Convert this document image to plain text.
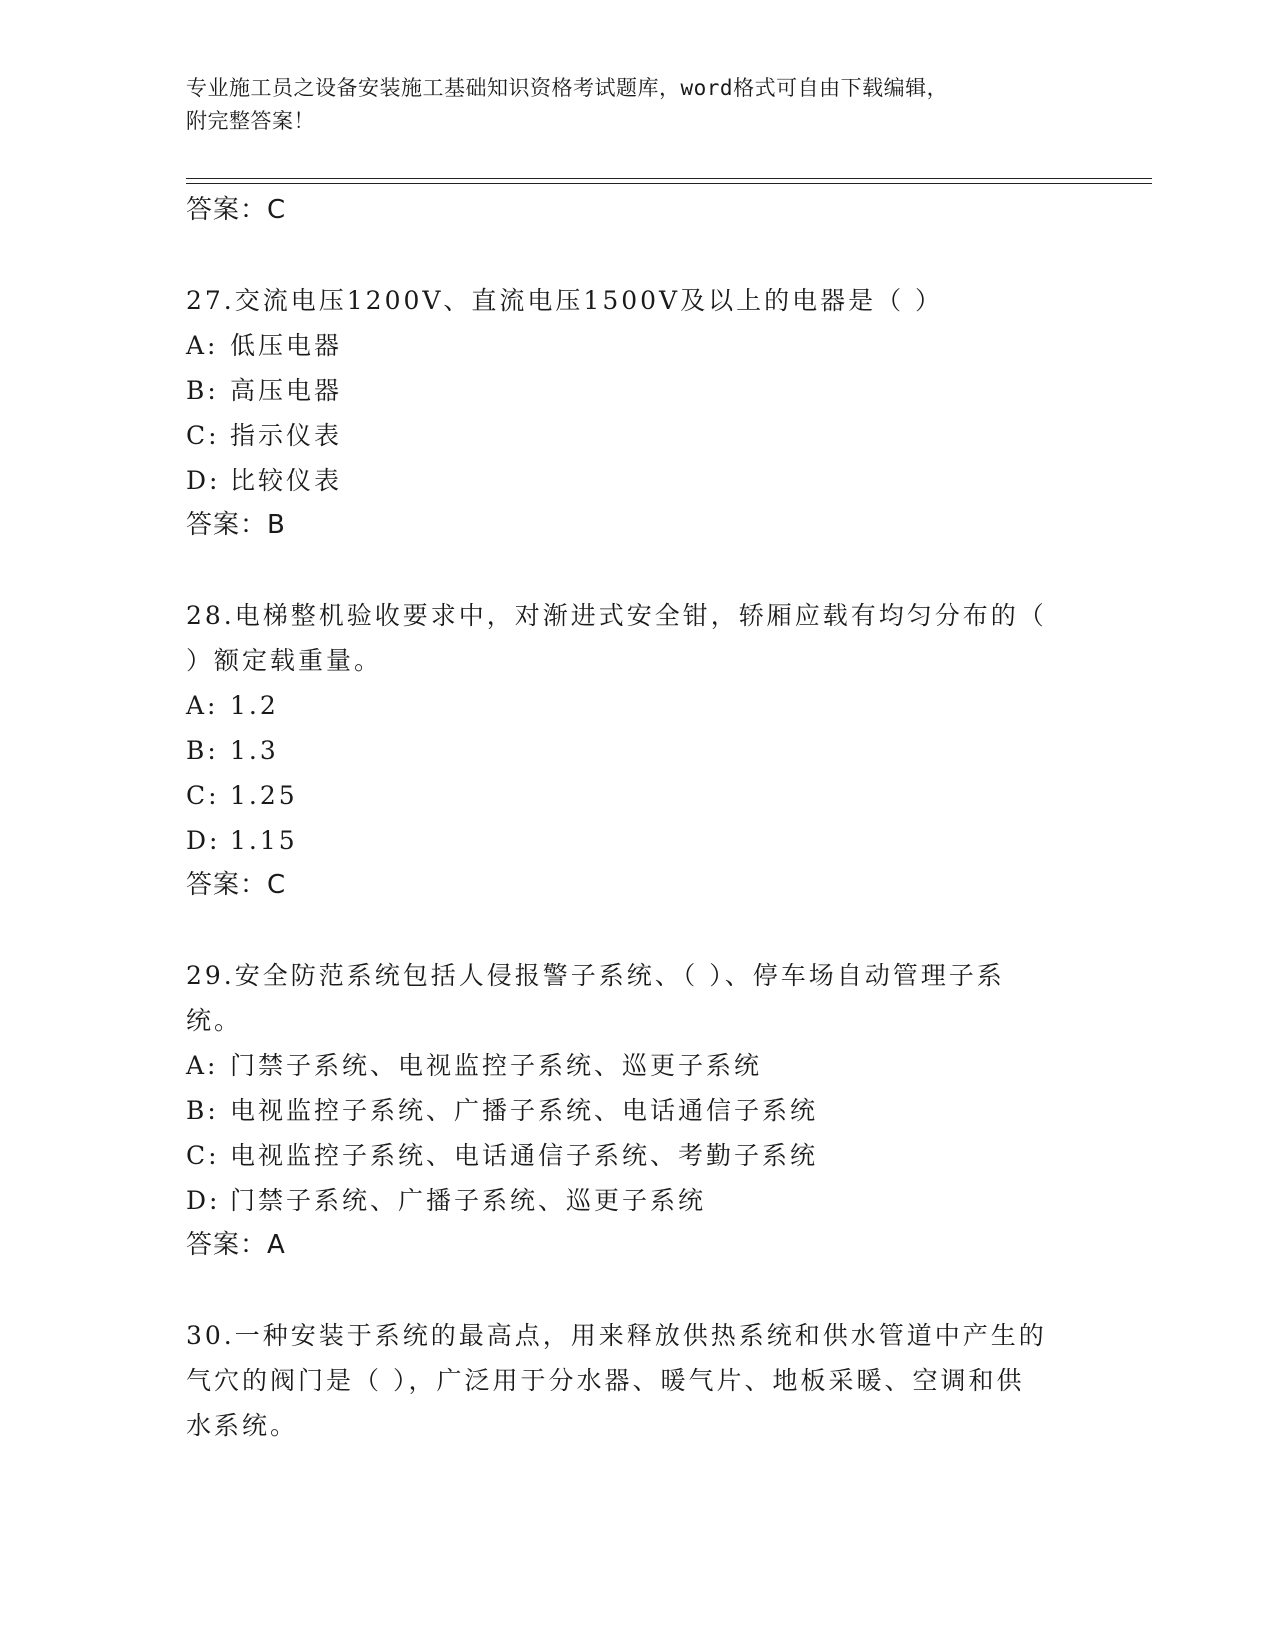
专业施工员之设备安装施工基础知识资格考试题库，word格式可自由下载编辑，
附完整答案！
答案：C
27.交流电压1200V、直流电压1500V及以上的电器是（ ）
A: 低压电器
B: 高压电器
C: 指示仪表
D: 比较仪表
答案：B
28.电梯整机验收要求中，对渐进式安全钳，轿厢应载有均匀分布的（
）额定载重量。
A: 1.2
B: 1.3
C: 1.25
D: 1.15
答案：C
29.安全防范系统包括人侵报警子系统、（ ）、停车场自动管理子系
统。
A: 门禁子系统、电视监控子系统、巡更子系统
B: 电视监控子系统、广播子系统、电话通信子系统
C: 电视监控子系统、电话通信子系统、考勤子系统
D: 门禁子系统、广播子系统、巡更子系统
答案：A
30.一种安装于系统的最高点，用来释放供热系统和供水管道中产生的
气穴的阀门是（ ），广泛用于分水器、暖气片、地板采暖、空调和供
水系统。
